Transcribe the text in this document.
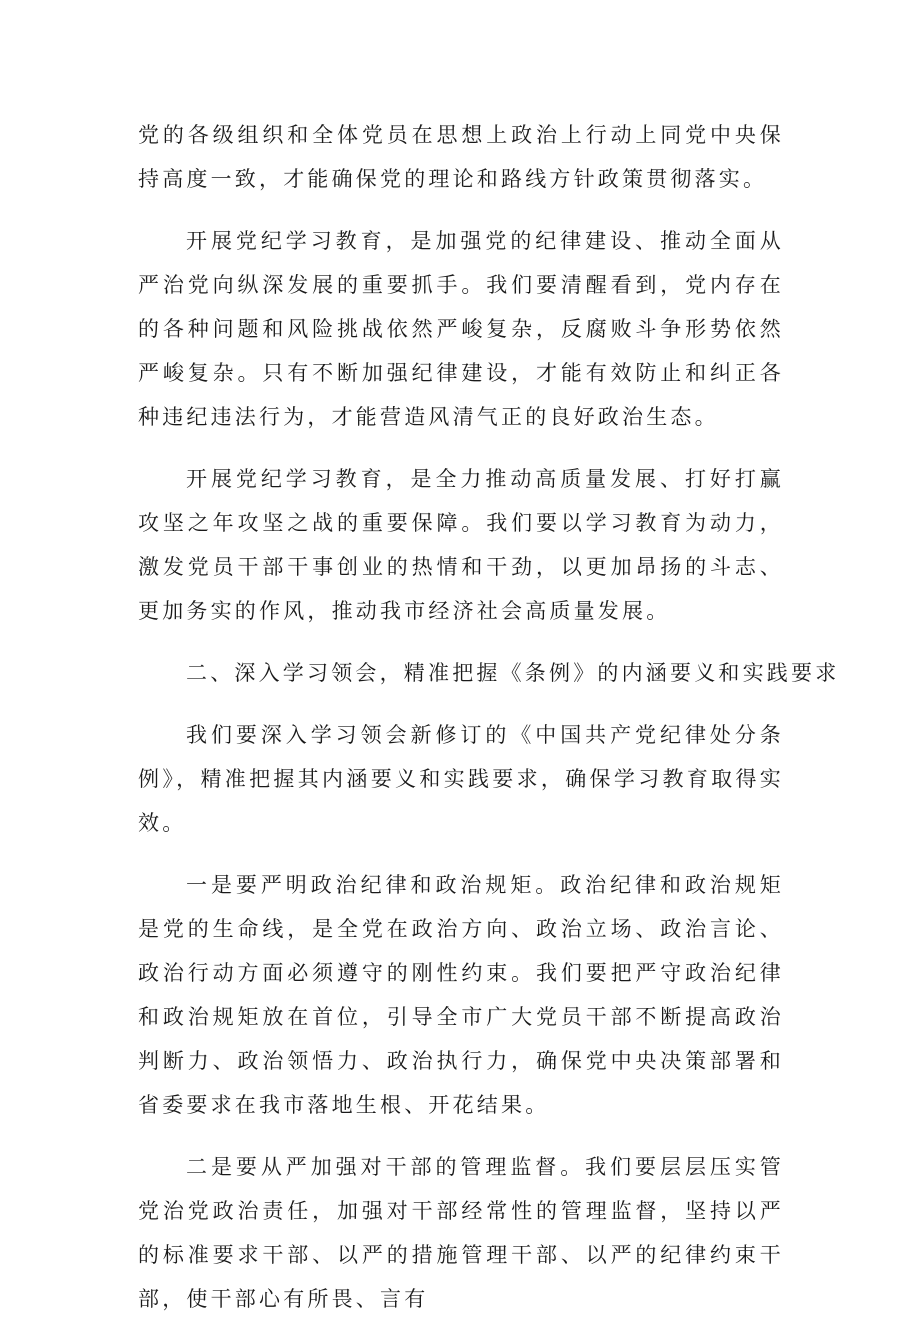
党的各级组织和全体党员在思想上政治上行动上同党中央保持高度一致，才能确保党的理论和路线方针政策贯彻落实。

开展党纪学习教育，是加强党的纪律建设、推动全面从严治党向纵深发展的重要抓手。我们要清醒看到，党内存在的各种问题和风险挑战依然严峻复杂，反腐败斗争形势依然严峻复杂。只有不断加强纪律建设，才能有效防止和纠正各种违纪违法行为，才能营造风清气正的良好政治生态。

开展党纪学习教育，是全力推动高质量发展、打好打赢攻坚之年攻坚之战的重要保障。我们要以学习教育为动力，激发党员干部干事创业的热情和干劲，以更加昂扬的斗志、更加务实的作风，推动我市经济社会高质量发展。

二、深入学习领会，精准把握《条例》的内涵要义和实践要求

我们要深入学习领会新修订的《中国共产党纪律处分条例》，精准把握其内涵要义和实践要求，确保学习教育取得实效。

一是要严明政治纪律和政治规矩。政治纪律和政治规矩是党的生命线，是全党在政治方向、政治立场、政治言论、政治行动方面必须遵守的刚性约束。我们要把严守政治纪律和政治规矩放在首位，引导全市广大党员干部不断提高政治判断力、政治领悟力、政治执行力，确保党中央决策部署和省委要求在我市落地生根、开花结果。

二是要从严加强对干部的管理监督。我们要层层压实管党治党政治责任，加强对干部经常性的管理监督，坚持以严的标准要求干部、以严的措施管理干部、以严的纪律约束干部，使干部心有所畏、言有
